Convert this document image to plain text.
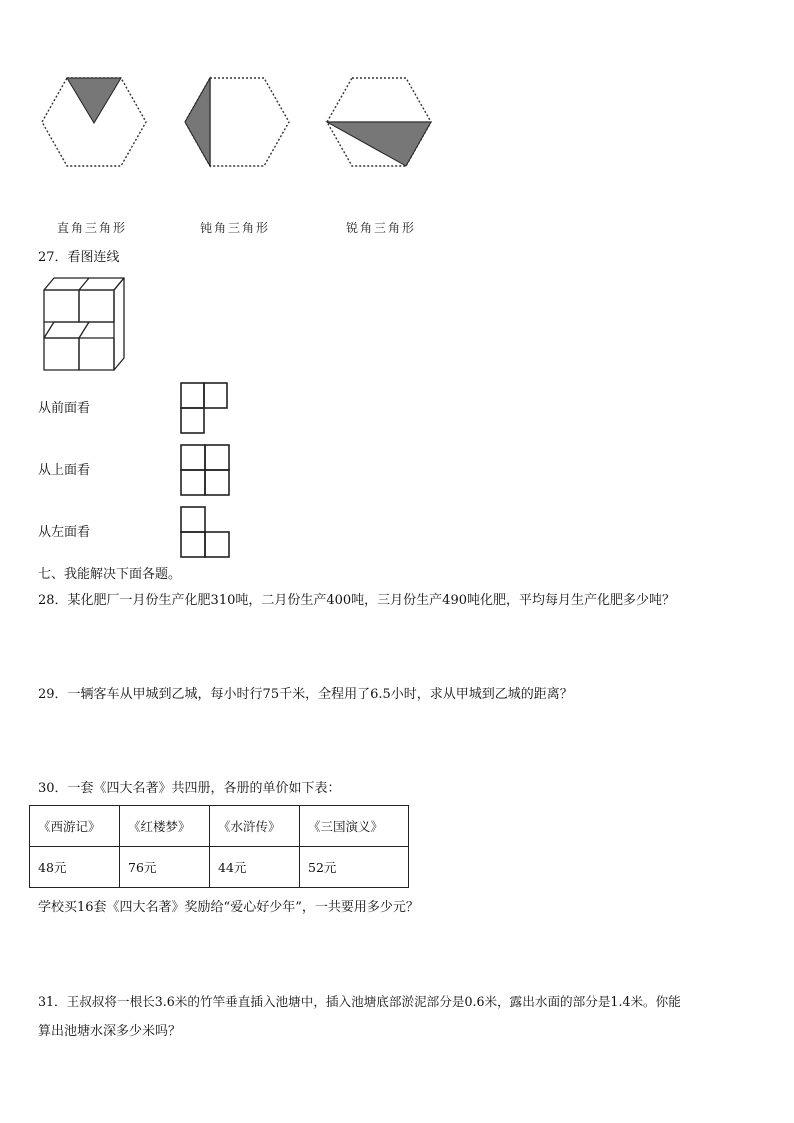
直角三角形	钝角三角形	锐角三角形
27．看图连线
从前面看
从上面看
从左面看
七、我能解决下面各题。
28．某化肥厂一月份生产化肥310吨，二月份生产400吨，三月份生产490吨化肥，平均每月生产化肥多少吨？
29．一辆客车从甲城到乙城，每小时行75千米，全程用了6.5小时，求从甲城到乙城的距离？
30．一套《四大名著》共四册，各册的单价如下表：
《西游记》	《红楼梦》	《水浒传》	《三国演义》
48元	76元	44元	52元
学校买16套《四大名著》奖励给“爱心好少年”，一共要用多少元？
31．王叔叔将一根长3.6米的竹竿垂直插入池塘中，插入池塘底部淤泥部分是0.6米，露出水面的部分是1.4米。你能
算出池塘水深多少米吗？
